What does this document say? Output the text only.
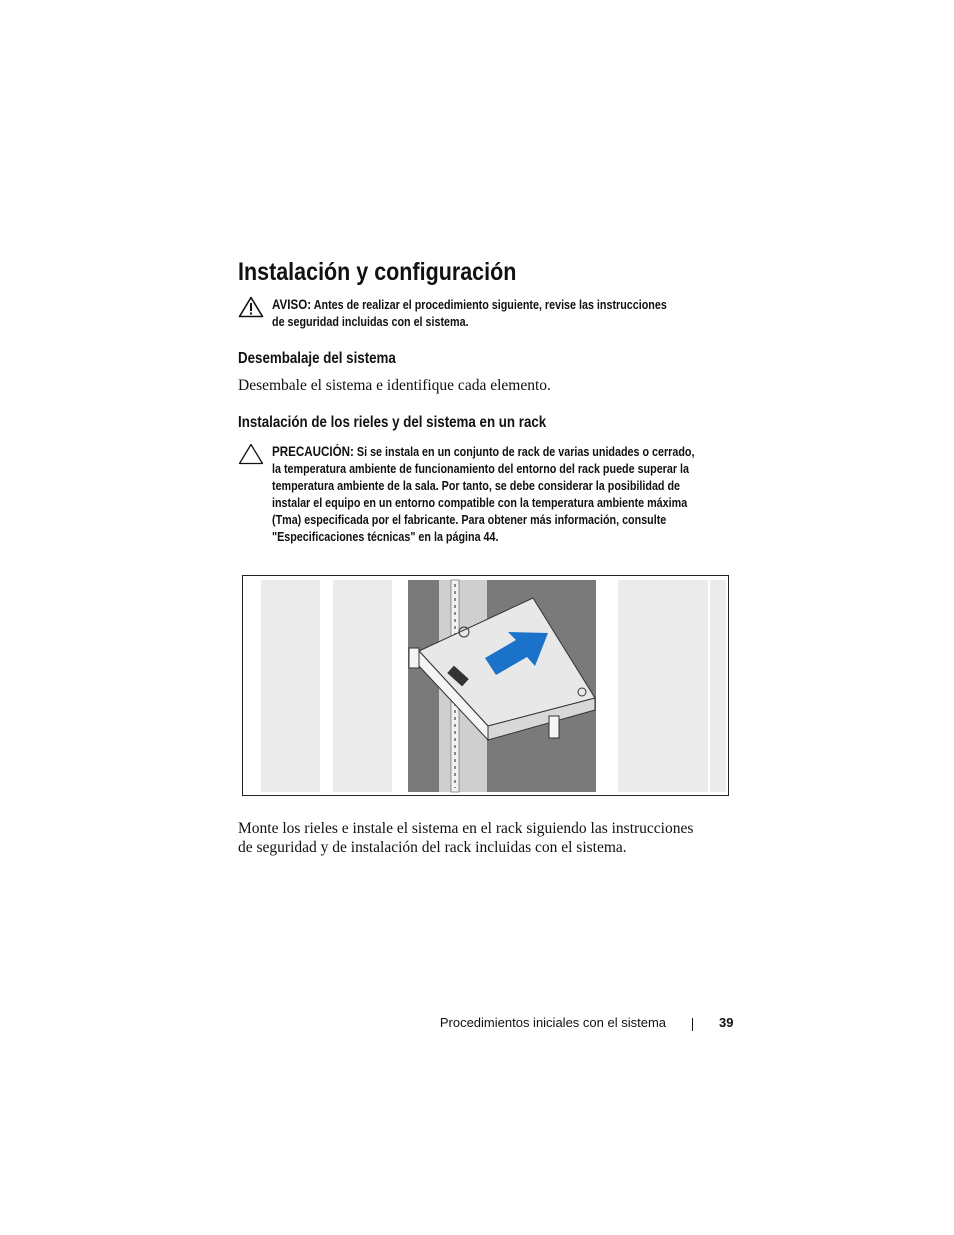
Instalación y configuración
AVISO: Antes de realizar el procedimiento siguiente, revise las instrucciones
de seguridad incluidas con el sistema.
Desembalaje del sistema

Desembale el sistema e identifique cada elemento.

Instalación de los rieles y del sistema en un rack
PRECAUCIÓN: Si se instala en un conjunto de rack de varias unidades o cerrado,
la temperatura ambiente de funcionamiento del entorno del rack puede superar la
temperatura ambiente de la sala. Por tanto, se debe considerar la posibilidad de
instalar el equipo en un entorno compatible con la temperatura ambiente máxima
(Tma) especificada por el fabricante. Para obtener más información, consulte
"Especificaciones técnicas" en la página 44.

Monte los rieles e instale el sistema en el rack siguiendo las instrucciones
de seguridad y de instalación del rack incluidas con el sistema.

Procedimientos iniciales con el sistema	39
